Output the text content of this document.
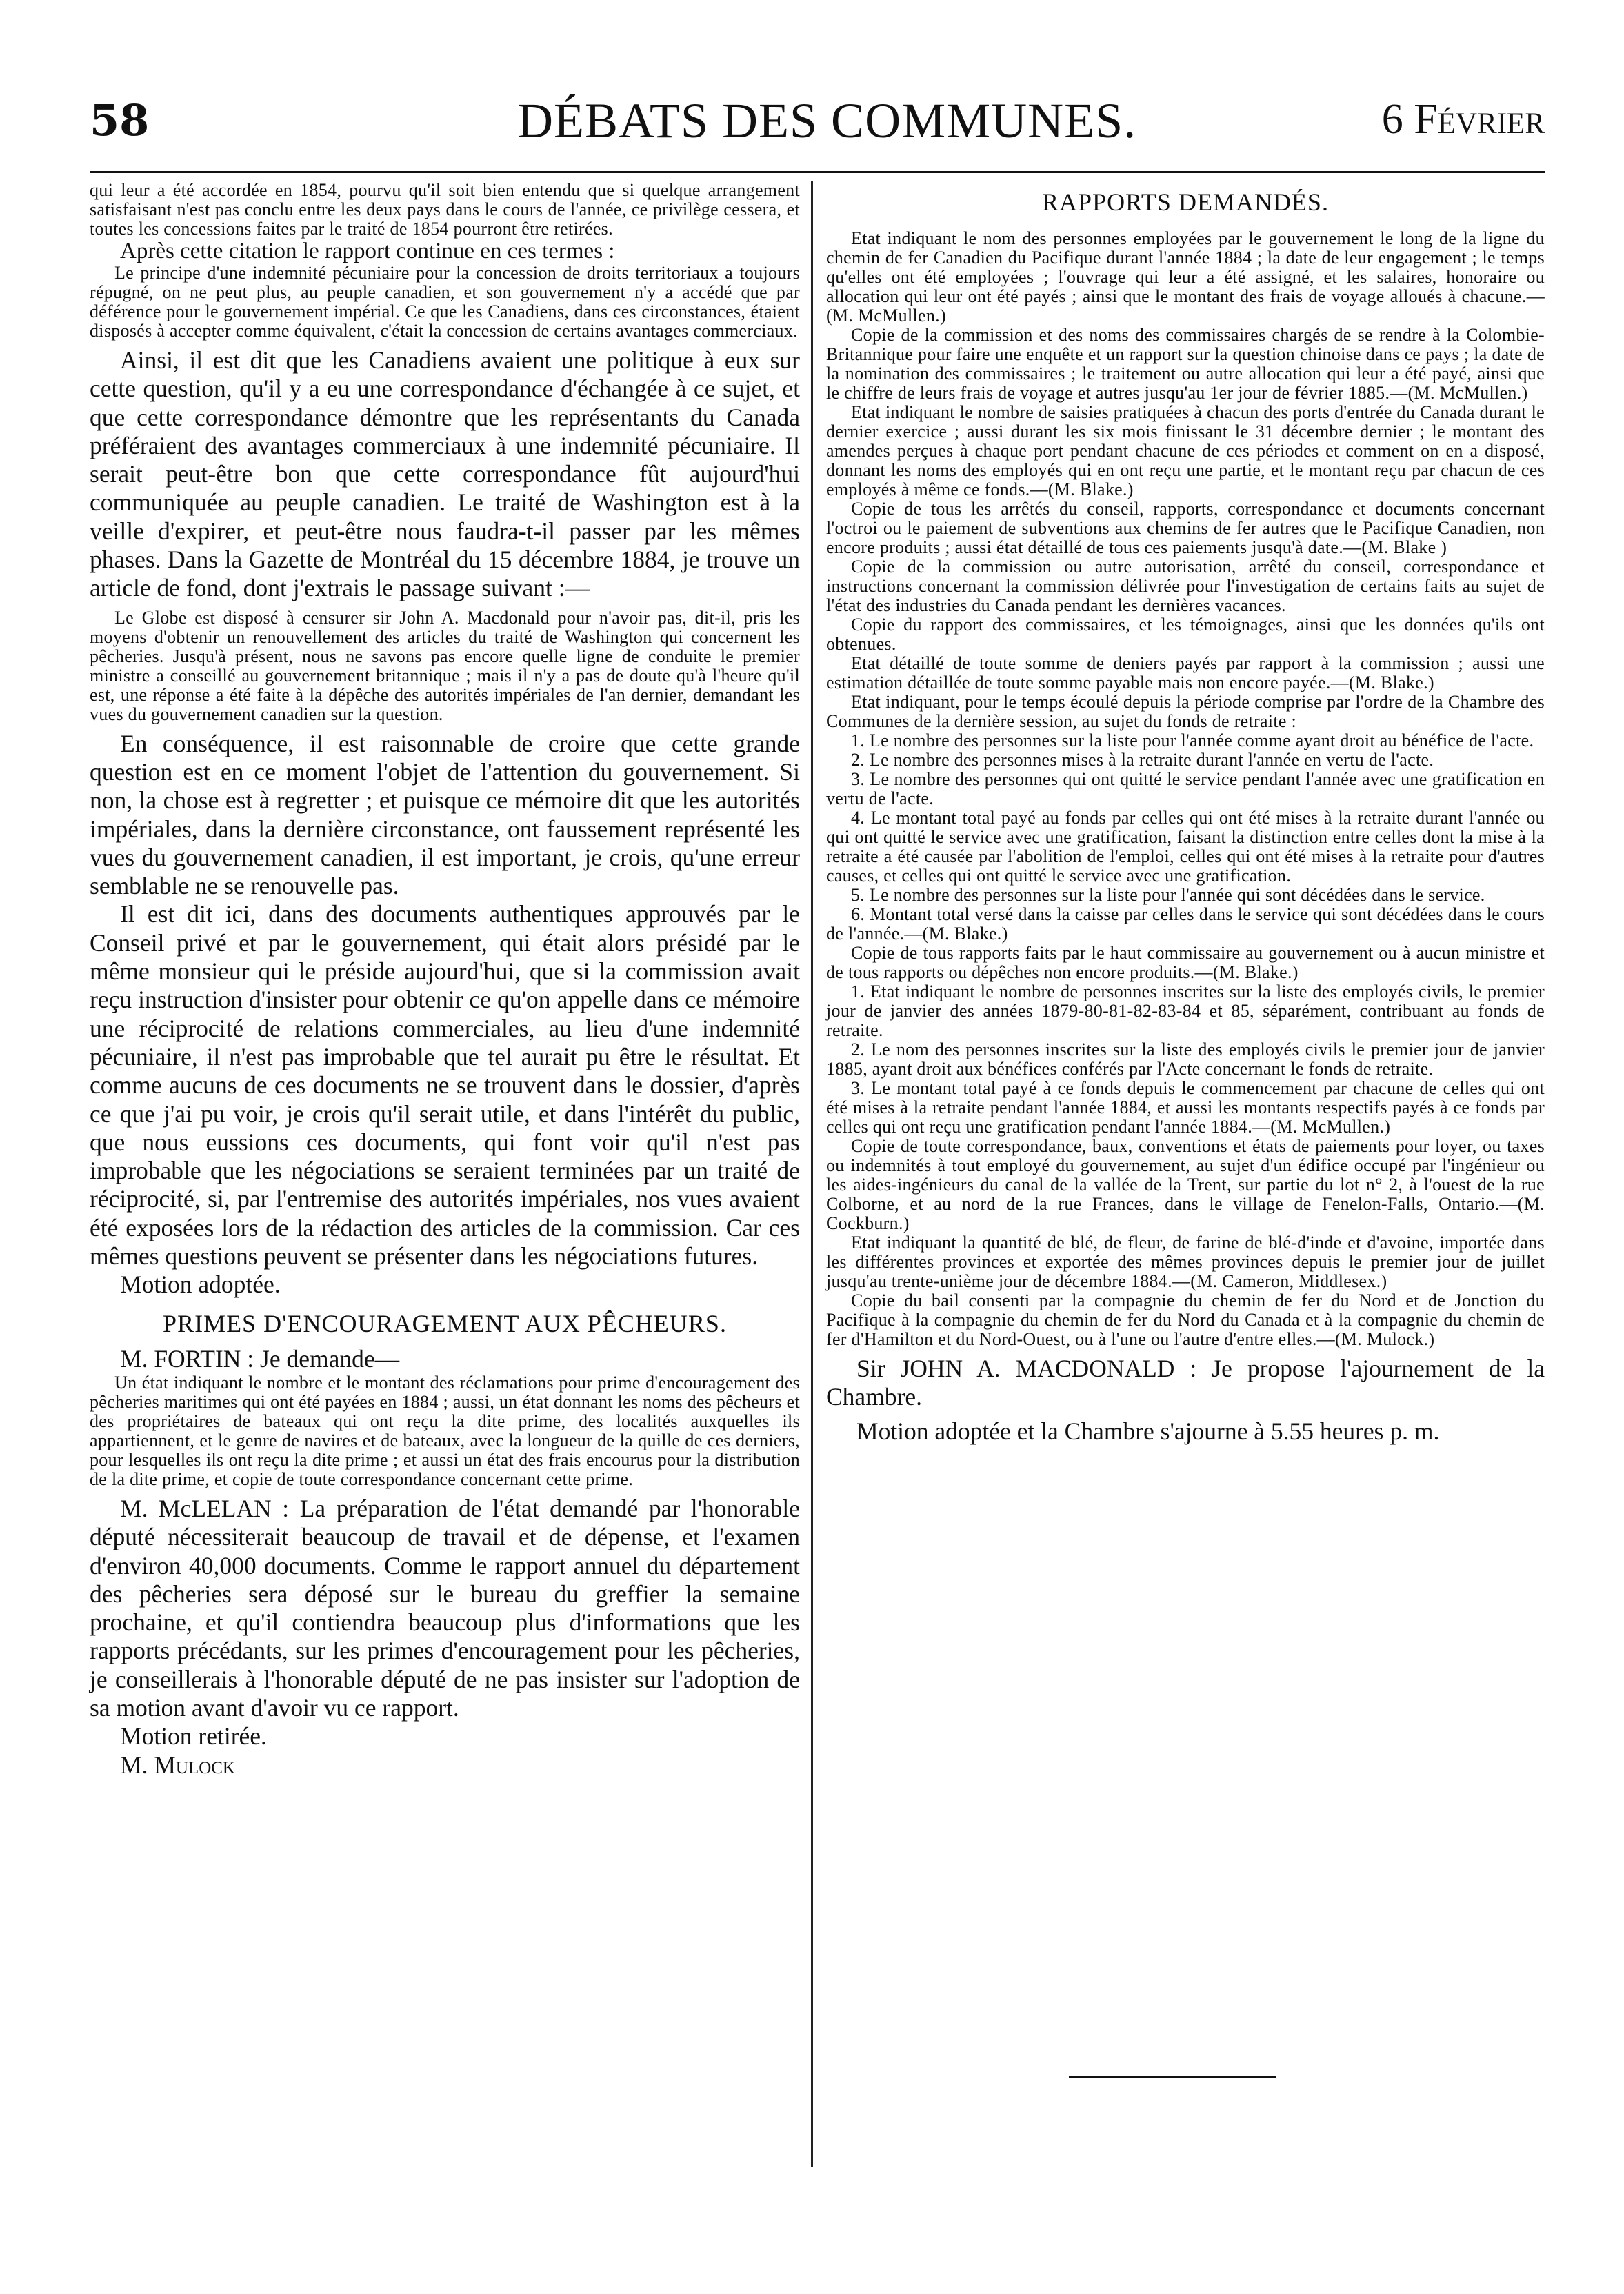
58	DÉBATS DES COMMUNES.	6 Février

qui leur a été accordée en 1854, pourvu qu'il soit bien entendu que si quelque arrangement satisfaisant n'est pas conclu entre les deux pays dans le cours de l'année, ce privilège cessera, et toutes les concessions faites par le traité de 1854 pourront être retirées.

Après cette citation le rapport continue en ces termes :

Le principe d'une indemnité pécuniaire pour la concession de droits territoriaux a toujours répugné, on ne peut plus, au peuple canadien, et son gouvernement n'y a accédé que par déférence pour le gouvernement impérial. Ce que les Canadiens, dans ces circonstances, étaient disposés à accepter comme équivalent, c'était la concession de certains avantages commerciaux.

Ainsi, il est dit que les Canadiens avaient une politique à eux sur cette question, qu'il y a eu une correspondance d'échangée à ce sujet, et que cette correspondance démontre que les représentants du Canada préféraient des avantages commerciaux à une indemnité pécuniaire. Il serait peut-être bon que cette correspondance fût aujourd'hui communiquée au peuple canadien. Le traité de Washington est à la veille d'expirer, et peut-être nous faudra-t-il passer par les mêmes phases. Dans la Gazette de Montréal du 15 décembre 1884, je trouve un article de fond, dont j'extrais le passage suivant :—

Le Globe est disposé à censurer sir John A. Macdonald pour n'avoir pas, dit-il, pris les moyens d'obtenir un renouvellement des articles du traité de Washington qui concernent les pêcheries. Jusqu'à présent, nous ne savons pas encore quelle ligne de conduite le premier ministre a conseillé au gouvernement britannique ; mais il n'y a pas de doute qu'à l'heure qu'il est, une réponse a été faite à la dépêche des autorités impériales de l'an dernier, demandant les vues du gouvernement canadien sur la question.

En conséquence, il est raisonnable de croire que cette grande question est en ce moment l'objet de l'attention du gouvernement. Si non, la chose est à regretter ; et puisque ce mémoire dit que les autorités impériales, dans la dernière circonstance, ont faussement représenté les vues du gouvernement canadien, il est important, je crois, qu'une erreur semblable ne se renouvelle pas.

Il est dit ici, dans des documents authentiques approuvés par le Conseil privé et par le gouvernement, qui était alors présidé par le même monsieur qui le préside aujourd'hui, que si la commission avait reçu instruction d'insister pour obtenir ce qu'on appelle dans ce mémoire une réciprocité de relations commerciales, au lieu d'une indemnité pécuniaire, il n'est pas improbable que tel aurait pu être le résultat. Et comme aucuns de ces documents ne se trouvent dans le dossier, d'après ce que j'ai pu voir, je crois qu'il serait utile, et dans l'intérêt du public, que nous eussions ces documents, qui font voir qu'il n'est pas improbable que les négociations se seraient terminées par un traité de réciprocité, si, par l'entremise des autorités impériales, nos vues avaient été exposées lors de la rédaction des articles de la commission. Car ces mêmes questions peuvent se présenter dans les négociations futures.

Motion adoptée.

PRIMES D'ENCOURAGEMENT AUX PÊCHEURS.

M. FORTIN : Je demande—

Un état indiquant le nombre et le montant des réclamations pour prime d'encouragement des pêcheries maritimes qui ont été payées en 1884 ; aussi, un état donnant les noms des pêcheurs et des propriétaires de bateaux qui ont reçu la dite prime, des localités auxquelles ils appartiennent, et le genre de navires et de bateaux, avec la longueur de la quille de ces derniers, pour lesquelles ils ont reçu la dite prime ; et aussi un état des frais encourus pour la distribution de la dite prime, et copie de toute correspondance concernant cette prime.

M. McLELAN : La préparation de l'état demandé par l'honorable député nécessiterait beaucoup de travail et de dépense, et l'examen d'environ 40,000 documents. Comme le rapport annuel du département des pêcheries sera déposé sur le bureau du greffier la semaine prochaine, et qu'il contiendra beaucoup plus d'informations que les rapports précédants, sur les primes d'encouragement pour les pêcheries, je conseillerais à l'honorable député de ne pas insister sur l'adoption de sa motion avant d'avoir vu ce rapport.

Motion retirée.

M. Mulock

RAPPORTS DEMANDÉS.

Etat indiquant le nom des personnes employées par le gouvernement le long de la ligne du chemin de fer Canadien du Pacifique durant l'année 1884 ; la date de leur engagement ; le temps qu'elles ont été employées ; l'ouvrage qui leur a été assigné, et les salaires, honoraire ou allocation qui leur ont été payés ; ainsi que le montant des frais de voyage alloués à chacune.—(M. McMullen.)

Copie de la commission et des noms des commissaires chargés de se rendre à la Colombie-Britannique pour faire une enquête et un rapport sur la question chinoise dans ce pays ; la date de la nomination des commissaires ; le traitement ou autre allocation qui leur a été payé, ainsi que le chiffre de leurs frais de voyage et autres jusqu'au 1er jour de février 1885.—(M. McMullen.)

Etat indiquant le nombre de saisies pratiquées à chacun des ports d'entrée du Canada durant le dernier exercice ; aussi durant les six mois finissant le 31 décembre dernier ; le montant des amendes perçues à chaque port pendant chacune de ces périodes et comment on en a disposé, donnant les noms des employés qui en ont reçu une partie, et le montant reçu par chacun de ces employés à même ce fonds.—(M. Blake.)

Copie de tous les arrêtés du conseil, rapports, correspondance et documents concernant l'octroi ou le paiement de subventions aux chemins de fer autres que le Pacifique Canadien, non encore produits ; aussi état détaillé de tous ces paiements jusqu'à date.—(M. Blake )

Copie de la commission ou autre autorisation, arrêté du conseil, correspondance et instructions concernant la commission délivrée pour l'investigation de certains faits au sujet de l'état des industries du Canada pendant les dernières vacances.

Copie du rapport des commissaires, et les témoignages, ainsi que les données qu'ils ont obtenues.

Etat détaillé de toute somme de deniers payés par rapport à la commission ; aussi une estimation détaillée de toute somme payable mais non encore payée.—(M. Blake.)

Etat indiquant, pour le temps écoulé depuis la période comprise par l'ordre de la Chambre des Communes de la dernière session, au sujet du fonds de retraite :

1. Le nombre des personnes sur la liste pour l'année comme ayant droit au bénéfice de l'acte.

2. Le nombre des personnes mises à la retraite durant l'année en vertu de l'acte.

3. Le nombre des personnes qui ont quitté le service pendant l'année avec une gratification en vertu de l'acte.

4. Le montant total payé au fonds par celles qui ont été mises à la retraite durant l'année ou qui ont quitté le service avec une gratification, faisant la distinction entre celles dont la mise à la retraite a été causée par l'abolition de l'emploi, celles qui ont été mises à la retraite pour d'autres causes, et celles qui ont quitté le service avec une gratification.

5. Le nombre des personnes sur la liste pour l'année qui sont décédées dans le service.

6. Montant total versé dans la caisse par celles dans le service qui sont décédées dans le cours de l'année.—(M. Blake.)

Copie de tous rapports faits par le haut commissaire au gouvernement ou à aucun ministre et de tous rapports ou dépêches non encore produits.—(M. Blake.)

1. Etat indiquant le nombre de personnes inscrites sur la liste des employés civils, le premier jour de janvier des années 1879-80-81-82-83-84 et 85, séparément, contribuant au fonds de retraite.

2. Le nom des personnes inscrites sur la liste des employés civils le premier jour de janvier 1885, ayant droit aux bénéfices conférés par l'Acte concernant le fonds de retraite.

3. Le montant total payé à ce fonds depuis le commencement par chacune de celles qui ont été mises à la retraite pendant l'année 1884, et aussi les montants respectifs payés à ce fonds par celles qui ont reçu une gratification pendant l'année 1884.—(M. McMullen.)

Copie de toute correspondance, baux, conventions et états de paiements pour loyer, ou taxes ou indemnités à tout employé du gouvernement, au sujet d'un édifice occupé par l'ingénieur ou les aides-ingénieurs du canal de la vallée de la Trent, sur partie du lot n° 2, à l'ouest de la rue Colborne, et au nord de la rue Frances, dans le village de Fenelon-Falls, Ontario.—(M. Cockburn.)

Etat indiquant la quantité de blé, de fleur, de farine de blé-d'inde et d'avoine, importée dans les différentes provinces et exportée des mêmes provinces depuis le premier jour de juillet jusqu'au trente-unième jour de décembre 1884.—(M. Cameron, Middlesex.)

Copie du bail consenti par la compagnie du chemin de fer du Nord et de Jonction du Pacifique à la compagnie du chemin de fer du Nord du Canada et à la compagnie du chemin de fer d'Hamilton et du Nord-Ouest, ou à l'une ou l'autre d'entre elles.—(M. Mulock.)

Sir JOHN A. MACDONALD : Je propose l'ajournement de la Chambre.

Motion adoptée et la Chambre s'ajourne à 5.55 heures p. m.
